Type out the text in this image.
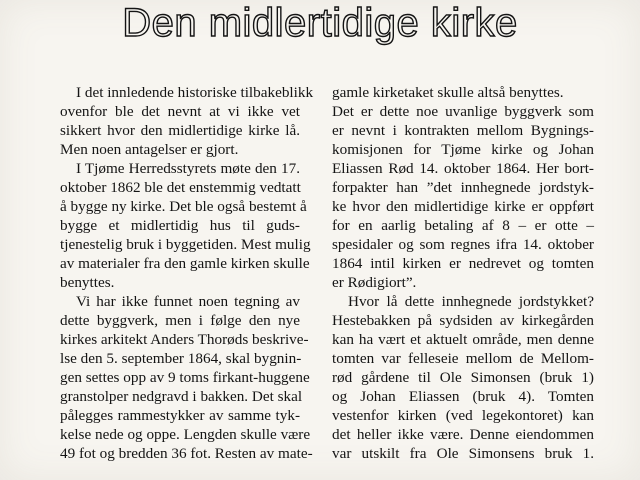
Den midlertidige kirke
I det innledende historiske tilbakeblikk
ovenfor ble det nevnt at vi ikke vet
sikkert hvor den midlertidige kirke lå.
Men noen antagelser er gjort.
I Tjøme Herredsstyrets møte den 17.
oktober 1862 ble det enstemmig vedtatt
å bygge ny kirke. Det ble også bestemt å
bygge et midlertidig hus til guds-
tjenestelig bruk i byggetiden. Mest mulig
av materialer fra den gamle kirken skulle
benyttes.
Vi har ikke funnet noen tegning av
dette byggverk, men i følge den nye
kirkes arkitekt Anders Thorøds beskrive-
lse den 5. september 1864, skal bygnin-
gen settes opp av 9 toms firkant-huggene
granstolper nedgravd i bakken. Det skal
pålegges rammestykker av samme tyk-
kelse nede og oppe. Lengden skulle være
49 fot og bredden 36 fot. Resten av mate-
gamle kirketaket skulle altså benyttes.
Det er dette noe uvanlige byggverk som
er nevnt i kontrakten mellom Bygnings-
komisjonen for Tjøme kirke og Johan
Eliassen Rød 14. oktober 1864. Her bort-
forpakter han ”det innhegnede jordstyk-
ke hvor den midlertidige kirke er oppført
for en aarlig betaling af 8 – er otte –
spesidaler og som regnes ifra 14. oktober
1864 intil kirken er nedrevet og tomten
er Rødigiort”.
Hvor lå dette innhegnede jordstykket?
Hestebakken på sydsiden av kirkegården
kan ha vært et aktuelt område, men denne
tomten var felleseie mellom de Mellom-
rød gårdene til Ole Simonsen (bruk 1)
og Johan Eliassen (bruk 4). Tomten
vestenfor kirken (ved legekontoret) kan
det heller ikke være. Denne eiendommen
var utskilt fra Ole Simonsens bruk 1.
